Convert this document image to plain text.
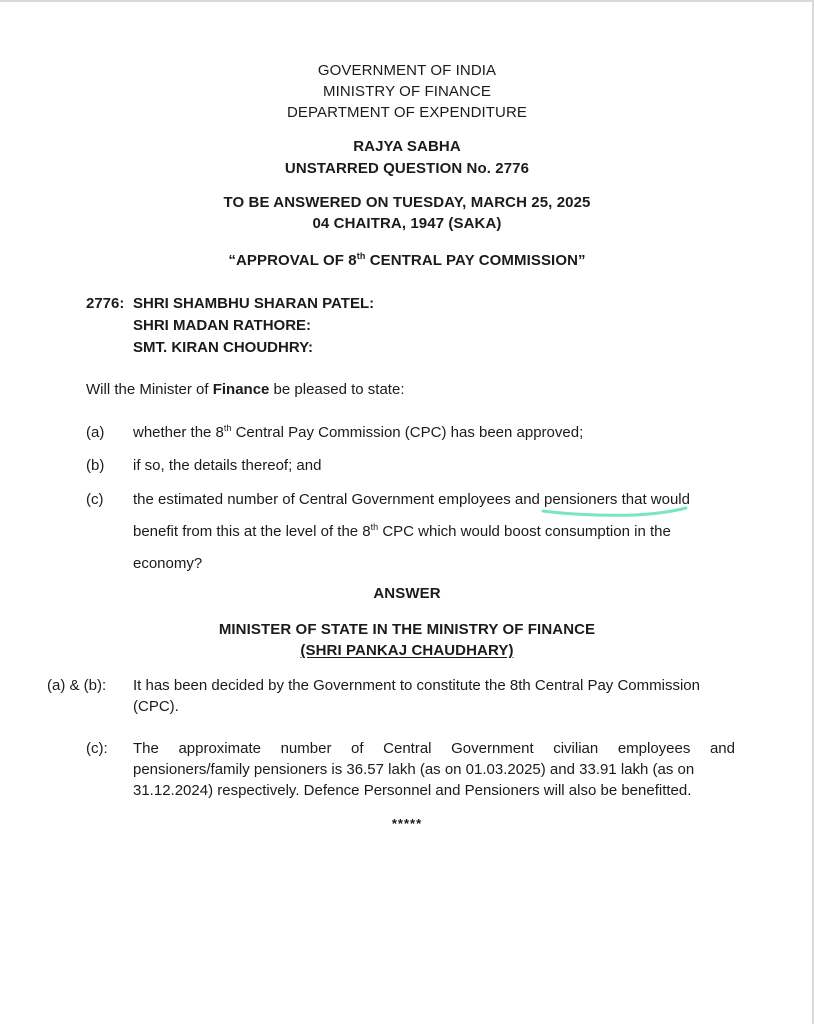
GOVERNMENT OF INDIA
MINISTRY OF FINANCE
DEPARTMENT OF EXPENDITURE
RAJYA SABHA
UNSTARRED QUESTION No. 2776
TO BE ANSWERED ON TUESDAY, MARCH 25, 2025
04 CHAITRA, 1947 (SAKA)
“APPROVAL OF 8th CENTRAL PAY COMMISSION”
2776: SHRI SHAMBHU SHARAN PATEL:
SHRI MADAN RATHORE:
SMT. KIRAN CHOUDHRY:
Will the Minister of Finance be pleased to state:
(a) whether the 8th Central Pay Commission (CPC) has been approved;
(b) if so, the details thereof; and
(c) the estimated number of Central Government employees and pensioners that would
benefit from this at the level of the 8th CPC which would boost consumption in the
economy?
ANSWER
MINISTER OF STATE IN THE MINISTRY OF FINANCE
(SHRI PANKAJ CHAUDHARY)
(a) & (b): It has been decided by the Government to constitute the 8th Central Pay Commission
(CPC).
(c): The approximate number of Central Government civilian employees and
pensioners/family pensioners is 36.57 lakh (as on 01.03.2025) and 33.91 lakh (as on
31.12.2024) respectively. Defence Personnel and Pensioners will also be benefitted.
*****
